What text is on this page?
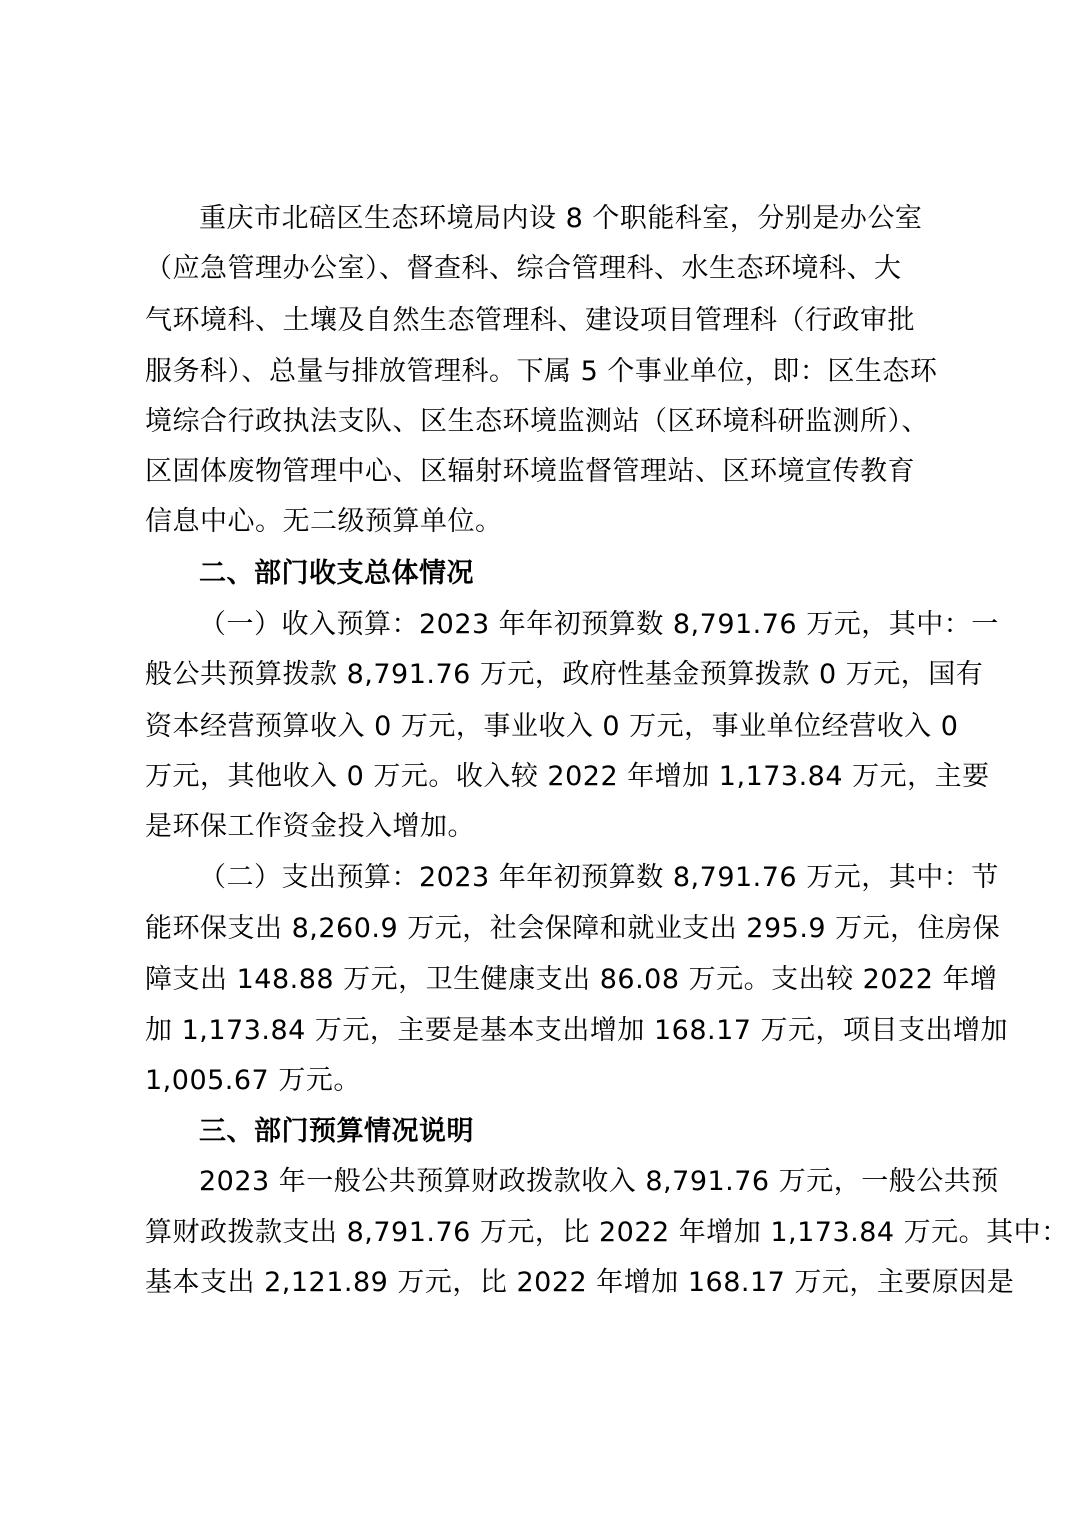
重庆市北碚区生态环境局内设 8 个职能科室，分别是办公室
（应急管理办公室）、督查科、综合管理科、水生态环境科、大
气环境科、土壤及自然生态管理科、建设项目管理科（行政审批
服务科）、总量与排放管理科。下属 5 个事业单位，即：区生态环
境综合行政执法支队、区生态环境监测站（区环境科研监测所）、
区固体废物管理中心、区辐射环境监督管理站、区环境宣传教育
信息中心。无二级预算单位。
二、部门收支总体情况
（一）收入预算：2023 年年初预算数 8,791.76 万元，其中：一
般公共预算拨款 8,791.76 万元，政府性基金预算拨款 0 万元，国有
资本经营预算收入 0 万元，事业收入 0 万元，事业单位经营收入 0
万元，其他收入 0 万元。收入较 2022 年增加 1,173.84 万元，主要
是环保工作资金投入增加。
（二）支出预算：2023 年年初预算数 8,791.76 万元，其中：节
能环保支出 8,260.9 万元，社会保障和就业支出 295.9 万元，住房保
障支出 148.88 万元，卫生健康支出 86.08 万元。支出较 2022 年增
加 1,173.84 万元，主要是基本支出增加 168.17 万元，项目支出增加
1,005.67 万元。
三、部门预算情况说明
2023 年一般公共预算财政拨款收入 8,791.76 万元，一般公共预
算财政拨款支出 8,791.76 万元，比 2022 年增加 1,173.84 万元。其中：
基本支出 2,121.89 万元，比 2022 年增加 168.17 万元，主要原因是
